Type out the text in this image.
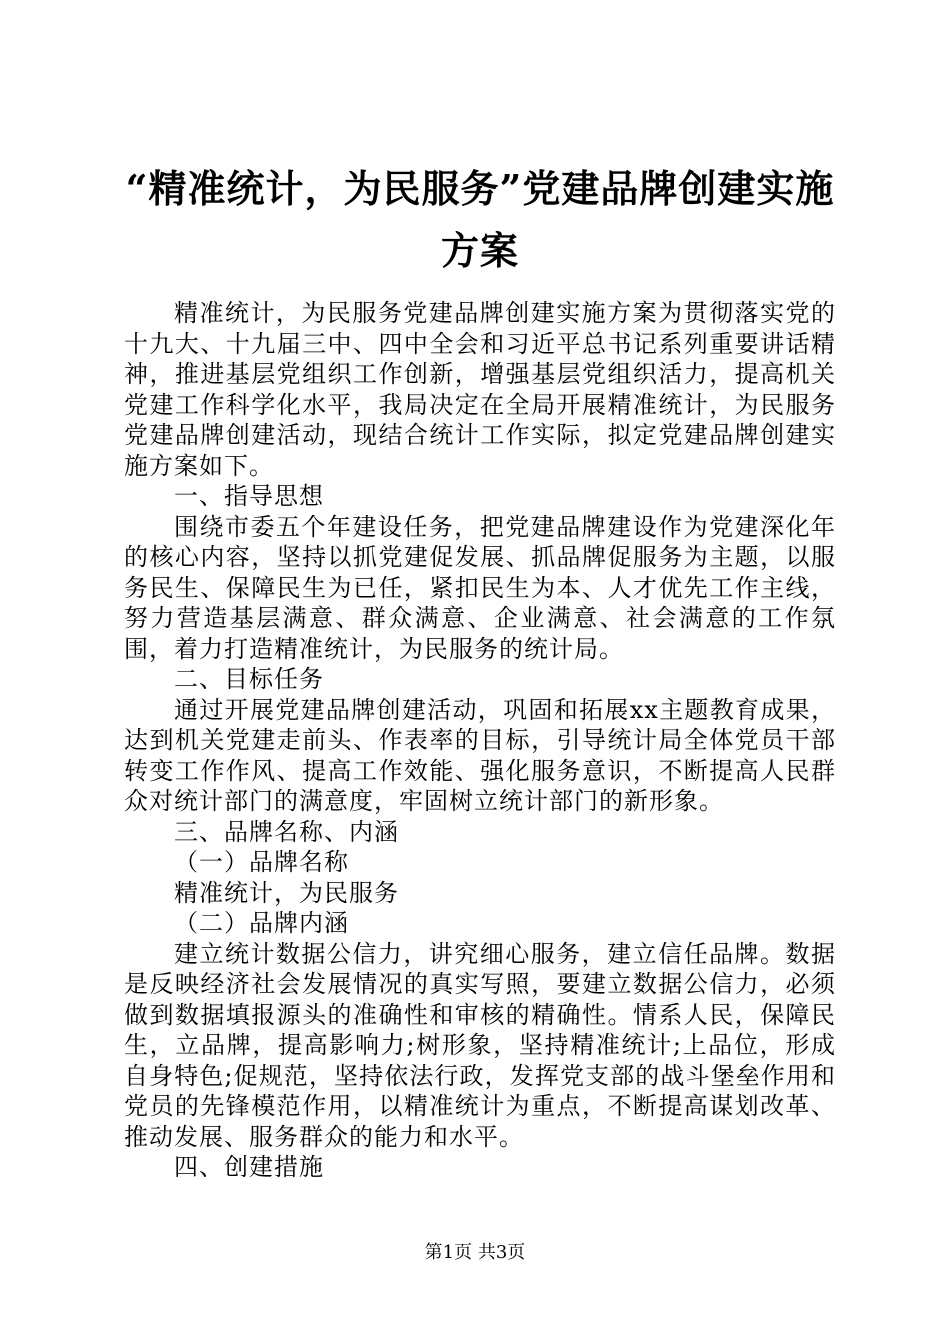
“精准统计，为民服务”党建品牌创建实施方案

精准统计，为民服务党建品牌创建实施方案为贯彻落实党的十九大、十九届三中、四中全会和习近平总书记系列重要讲话精神，推进基层党组织工作创新，增强基层党组织活力，提高机关党建工作科学化水平，我局决定在全局开展精准统计，为民服务党建品牌创建活动，现结合统计工作实际，拟定党建品牌创建实施方案如下。

一、指导思想

围绕市委五个年建设任务，把党建品牌建设作为党建深化年的核心内容，坚持以抓党建促发展、抓品牌促服务为主题，以服务民生、保障民生为已任，紧扣民生为本、人才优先工作主线，努力营造基层满意、群众满意、企业满意、社会满意的工作氛围，着力打造精准统计，为民服务的统计局。

二、目标任务

通过开展党建品牌创建活动，巩固和拓展xx主题教育成果，达到机关党建走前头、作表率的目标，引导统计局全体党员干部转变工作作风、提高工作效能、强化服务意识，不断提高人民群众对统计部门的满意度，牢固树立统计部门的新形象。

三、品牌名称、内涵

（一）品牌名称

精准统计，为民服务

（二）品牌内涵

建立统计数据公信力，讲究细心服务，建立信任品牌。数据是反映经济社会发展情况的真实写照，要建立数据公信力，必须做到数据填报源头的准确性和审核的精确性。情系人民，保障民生，立品牌，提高影响力;树形象，坚持精准统计;上品位，形成自身特色;促规范，坚持依法行政，发挥党支部的战斗堡垒作用和党员的先锋模范作用，以精准统计为重点，不断提高谋划改革、推动发展、服务群众的能力和水平。

四、创建措施

第1页 共3页
